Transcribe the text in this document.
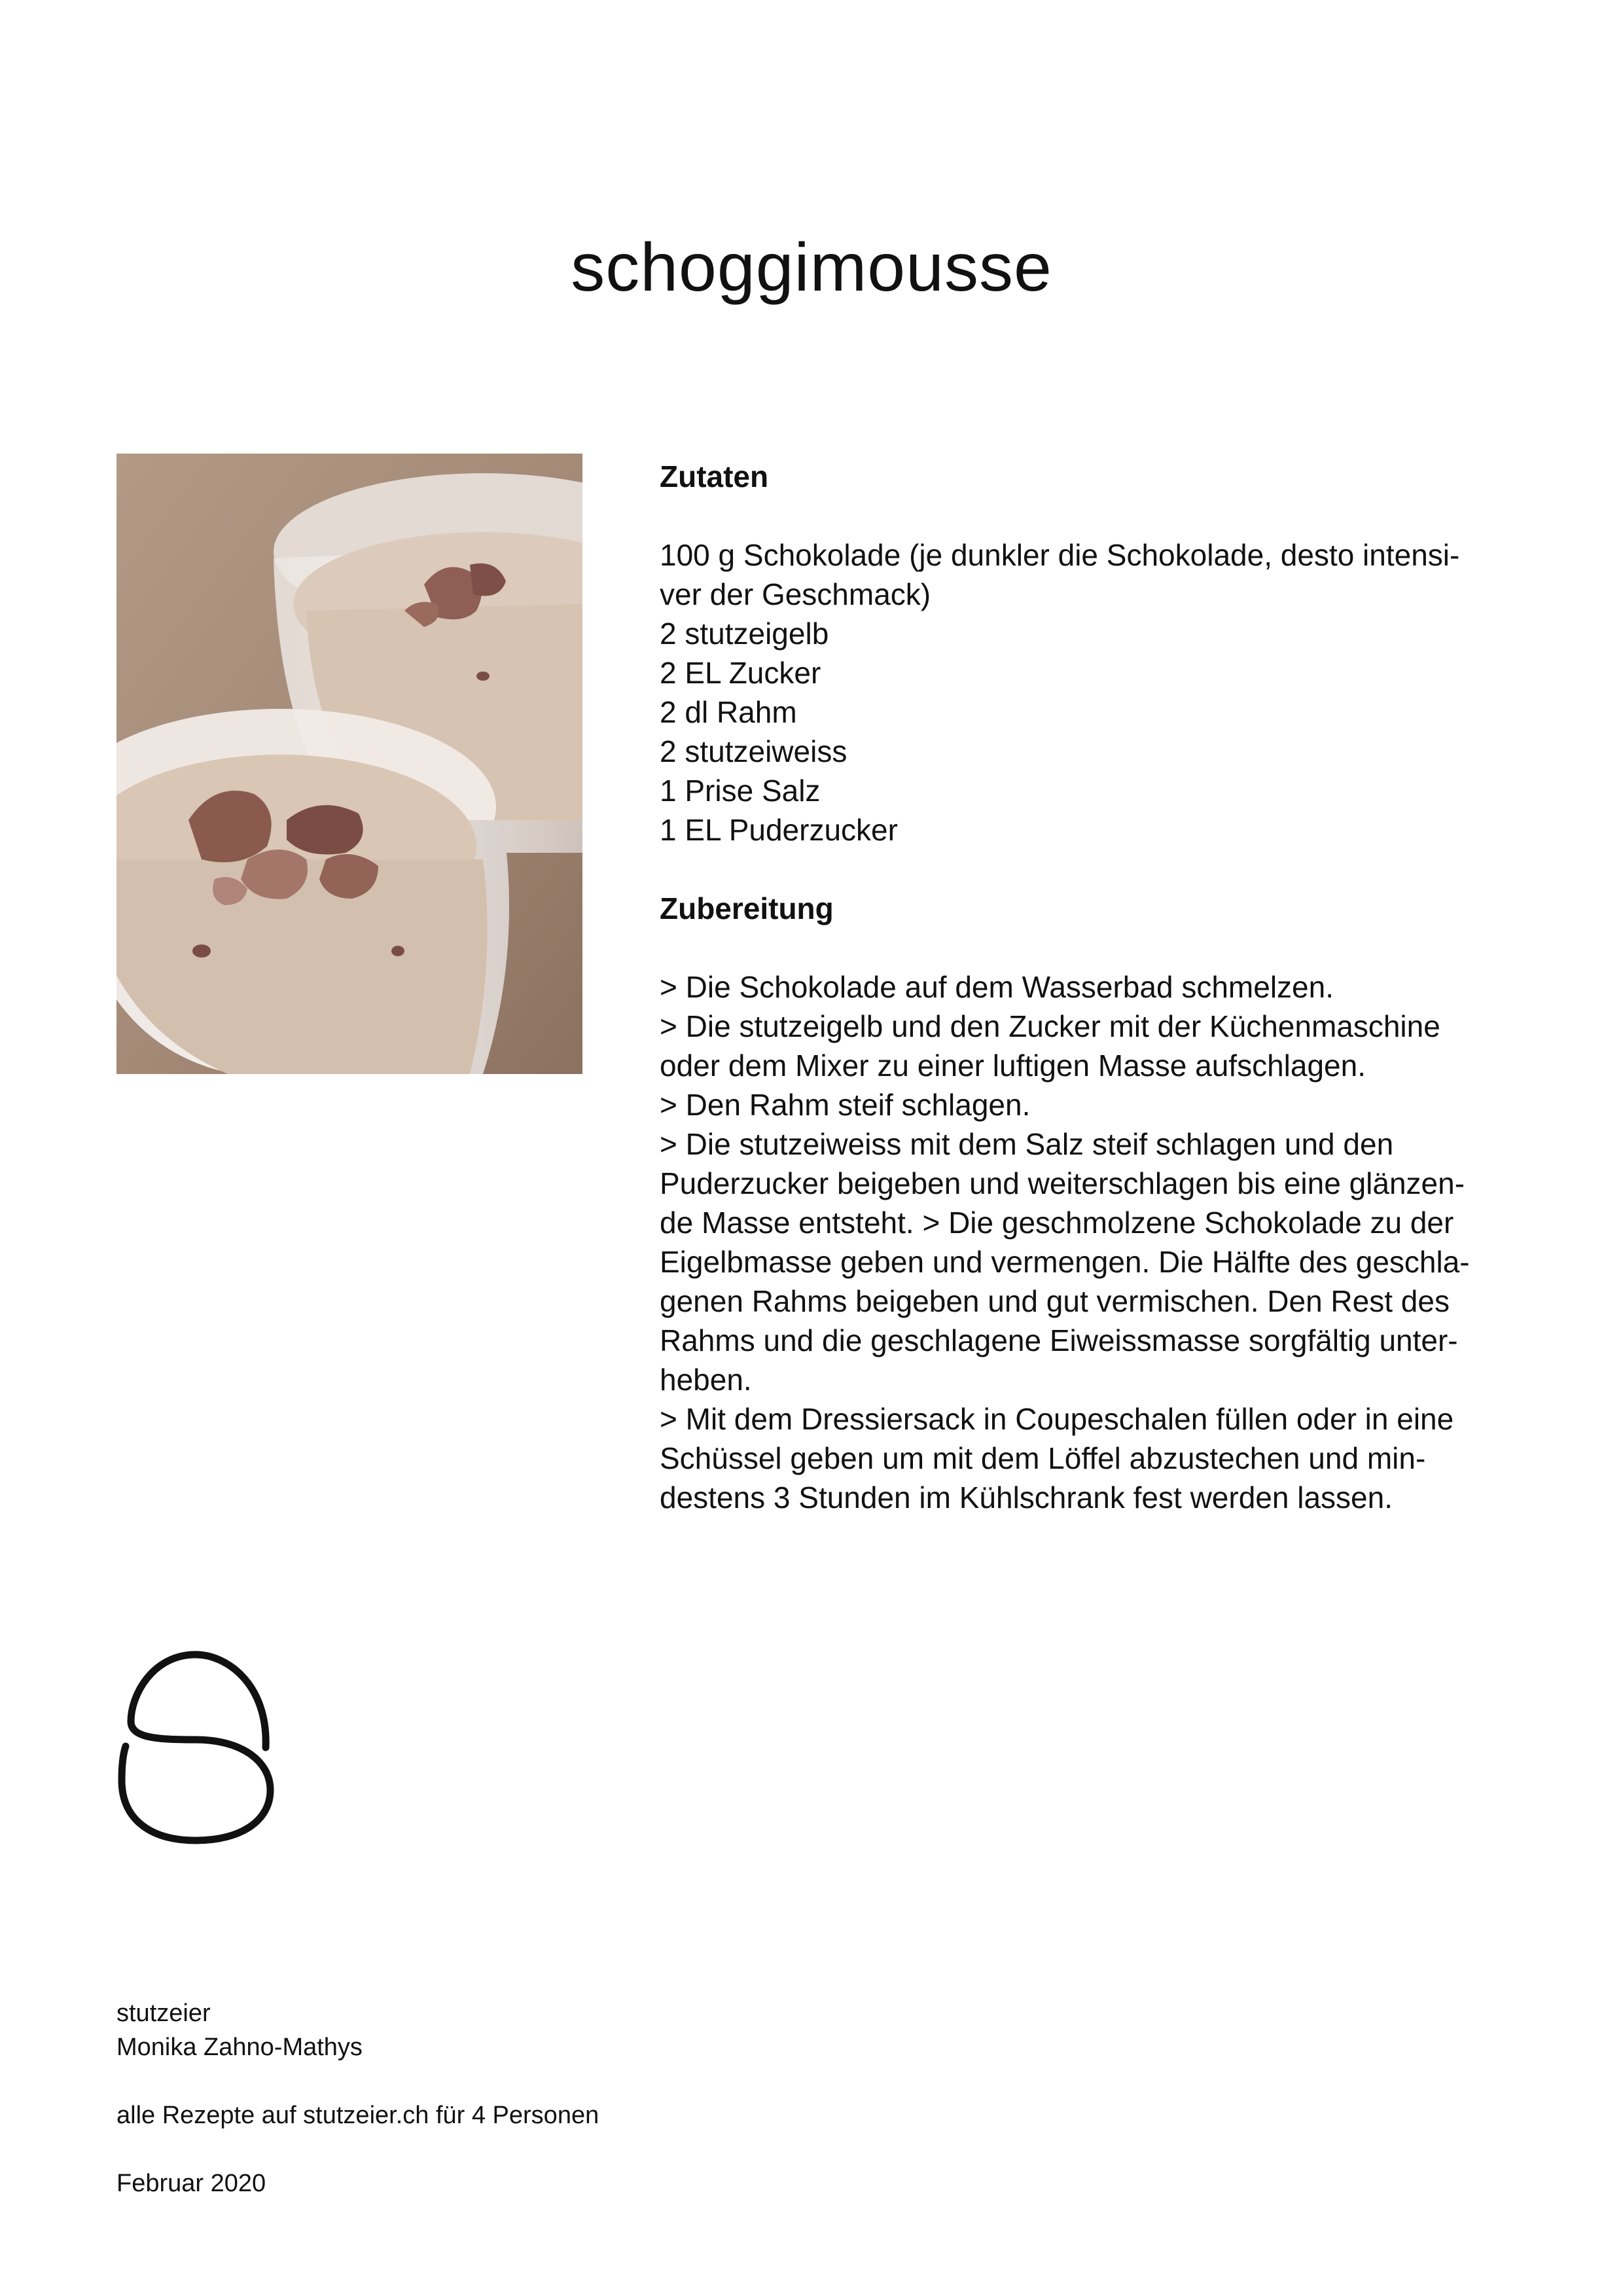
schoggimousse
Zutaten
100 g Schokolade (je dunkler die Schokolade, desto intensi-
ver der Geschmack)
2 stutzeigelb
2 EL Zucker
2 dl Rahm
2 stutzeiweiss
1 Prise Salz
1 EL Puderzucker
Zubereitung
> Die Schokolade auf dem Wasserbad schmelzen.
> Die stutzeigelb und den Zucker mit der Küchenmaschine
oder dem Mixer zu einer luftigen Masse aufschlagen.
> Den Rahm steif schlagen.
> Die stutzeiweiss mit dem Salz steif schlagen und den
Puderzucker beigeben und weiterschlagen bis eine glänzen-
de Masse entsteht. > Die geschmolzene Schokolade zu der
Eigelbmasse geben und vermengen. Die Hälfte des geschla-
genen Rahms beigeben und gut vermischen. Den Rest des
Rahms und die geschlagene Eiweissmasse sorgfältig unter-
heben.
> Mit dem Dressiersack in Coupeschalen füllen oder in eine
Schüssel geben um mit dem Löffel abzustechen und min-
destens 3 Stunden im Kühlschrank fest werden lassen.
stutzeier
Monika Zahno-Mathys
alle Rezepte auf stutzeier.ch für 4 Personen
Februar 2020
